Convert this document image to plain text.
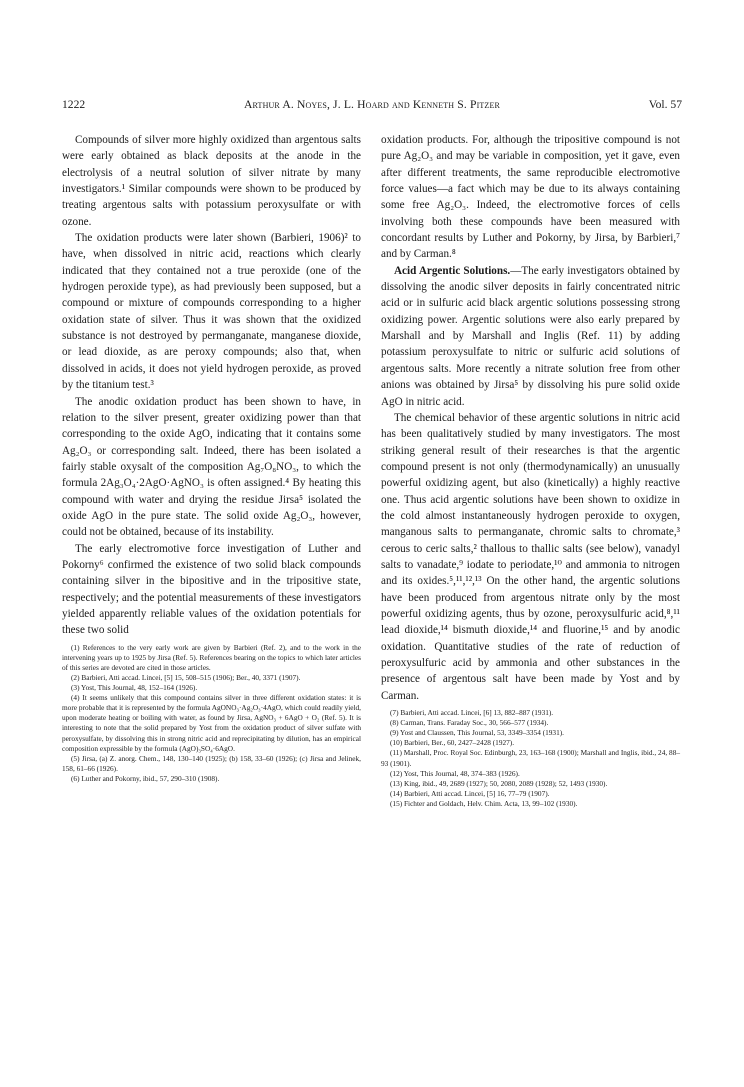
1222	Arthur A. Noyes, J. L. Hoard and Kenneth S. Pitzer	Vol. 57

Compounds of silver more highly oxidized than argentous salts were early obtained as black deposits at the anode in the electrolysis of a neutral solution of silver nitrate by many investigators.¹ Similar compounds were shown to be produced by treating argentous salts with potassium peroxysulfate or with ozone.

The oxidation products were later shown (Barbieri, 1906)² to have, when dissolved in nitric acid, reactions which clearly indicated that they contained not a true peroxide (one of the hydrogen peroxide type), as had previously been supposed, but a compound or mixture of compounds corresponding to a higher oxidation state of silver. Thus it was shown that the oxidized substance is not destroyed by permanganate, manganese dioxide, or lead dioxide, as are peroxy compounds; also that, when dissolved in acids, it does not yield hydrogen peroxide, as proved by the titanium test.³

The anodic oxidation product has been shown to have, in relation to the silver present, greater oxidizing power than that corresponding to the oxide AgO, indicating that it contains some Ag₂O₃ or corresponding salt. Indeed, there has been isolated a fairly stable oxysalt of the composition Ag₇O₈NO₃, to which the formula 2Ag₃O₄·2AgO·AgNO₃ is often assigned.⁴ By heating this compound with water and drying the residue Jirsa⁵ isolated the oxide AgO in the pure state. The solid oxide Ag₂O₃, however, could not be obtained, because of its instability.

The early electromotive force investigation of Luther and Pokorny⁶ confirmed the existence of two solid black compounds containing silver in the bipositive and in the tripositive state, respectively; and the potential measurements of these investigators yielded apparently reliable values of the oxidation potentials for these two solid

(1) References to the very early work are given by Barbieri (Ref. 2), and to the work in the intervening years up to 1925 by Jirsa (Ref. 5). References bearing on the topics to which later articles of this series are devoted are cited in those articles.

(2) Barbieri, Atti accad. Lincei, [5] 15, 508–515 (1906); Ber., 40, 3371 (1907).

(3) Yost, This Journal, 48, 152–164 (1926).

(4) It seems unlikely that this compound contains silver in three different oxidation states: it is more probable that it is represented by the formula AgONO₃·Ag₂O₃·4AgO, which could readily yield, upon moderate heating or boiling with water, as found by Jirsa, AgNO₃ + 6AgO + O₂ (Ref. 5). It is interesting to note that the solid prepared by Yost from the oxidation product of silver sulfate with peroxysulfate, by dissolving this in strong nitric acid and reprecipitating by dilution, has an empirical composition expressible by the formula (AgO)₃SO₄·6AgO.

(5) Jirsa, (a) Z. anorg. Chem., 148, 130–140 (1925); (b) 158, 33–60 (1926); (c) Jirsa and Jelinek, 158, 61–66 (1926).

(6) Luther and Pokorny, ibid., 57, 290–310 (1908).

oxidation products. For, although the tripositive compound is not pure Ag₂O₃ and may be variable in composition, yet it gave, even after different treatments, the same reproducible electromotive force values—a fact which may be due to its always containing some free Ag₂O₃. Indeed, the electromotive forces of cells involving both these compounds have been measured with concordant results by Luther and Pokorny, by Jirsa, by Barbieri,⁷ and by Carman.⁸

Acid Argentic Solutions.—The early investigators obtained by dissolving the anodic silver deposits in fairly concentrated nitric acid or in sulfuric acid black argentic solutions possessing strong oxidizing power. Argentic solutions were also early prepared by Marshall and by Marshall and Inglis (Ref. 11) by adding potassium peroxysulfate to nitric or sulfuric acid solutions of argentous salts. More recently a nitrate solution free from other anions was obtained by Jirsa⁵ by dissolving his pure solid oxide AgO in nitric acid.

The chemical behavior of these argentic solutions in nitric acid has been qualitatively studied by many investigators. The most striking general result of their researches is that the argentic compound present is not only (thermodynamically) an unusually powerful oxidizing agent, but also (kinetically) a highly reactive one. Thus acid argentic solutions have been shown to oxidize in the cold almost instantaneously hydrogen peroxide to oxygen, manganous salts to permanganate, chromic salts to chromate,³ cerous to ceric salts,² thallous to thallic salts (see below), vanadyl salts to vanadate,⁹ iodate to periodate,¹⁰ and ammonia to nitrogen and its oxides.⁵,¹¹,¹²,¹³ On the other hand, the argentic solutions have been produced from argentous nitrate only by the most powerful oxidizing agents, thus by ozone, peroxysulfuric acid,⁸,¹¹ lead dioxide,¹⁴ bismuth dioxide,¹⁴ and fluorine,¹⁵ and by anodic oxidation. Quantitative studies of the rate of reduction of peroxysulfuric acid by ammonia and other substances in the presence of argentous salt have been made by Yost and by Carman.

(7) Barbieri, Atti accad. Lincei, [6] 13, 882–887 (1931).

(8) Carman, Trans. Faraday Soc., 30, 566–577 (1934).

(9) Yost and Claussen, This Journal, 53, 3349–3354 (1931).

(10) Barbieri, Ber., 60, 2427–2428 (1927).

(11) Marshall, Proc. Royal Soc. Edinburgh, 23, 163–168 (1900); Marshall and Inglis, ibid., 24, 88–93 (1901).

(12) Yost, This Journal, 48, 374–383 (1926).

(13) King, ibid., 49, 2689 (1927); 50, 2080, 2089 (1928); 52, 1493 (1930).

(14) Barbieri, Atti accad. Lincei, [5] 16, 77–79 (1907).

(15) Fichter and Goldach, Helv. Chim. Acta, 13, 99–102 (1930).
